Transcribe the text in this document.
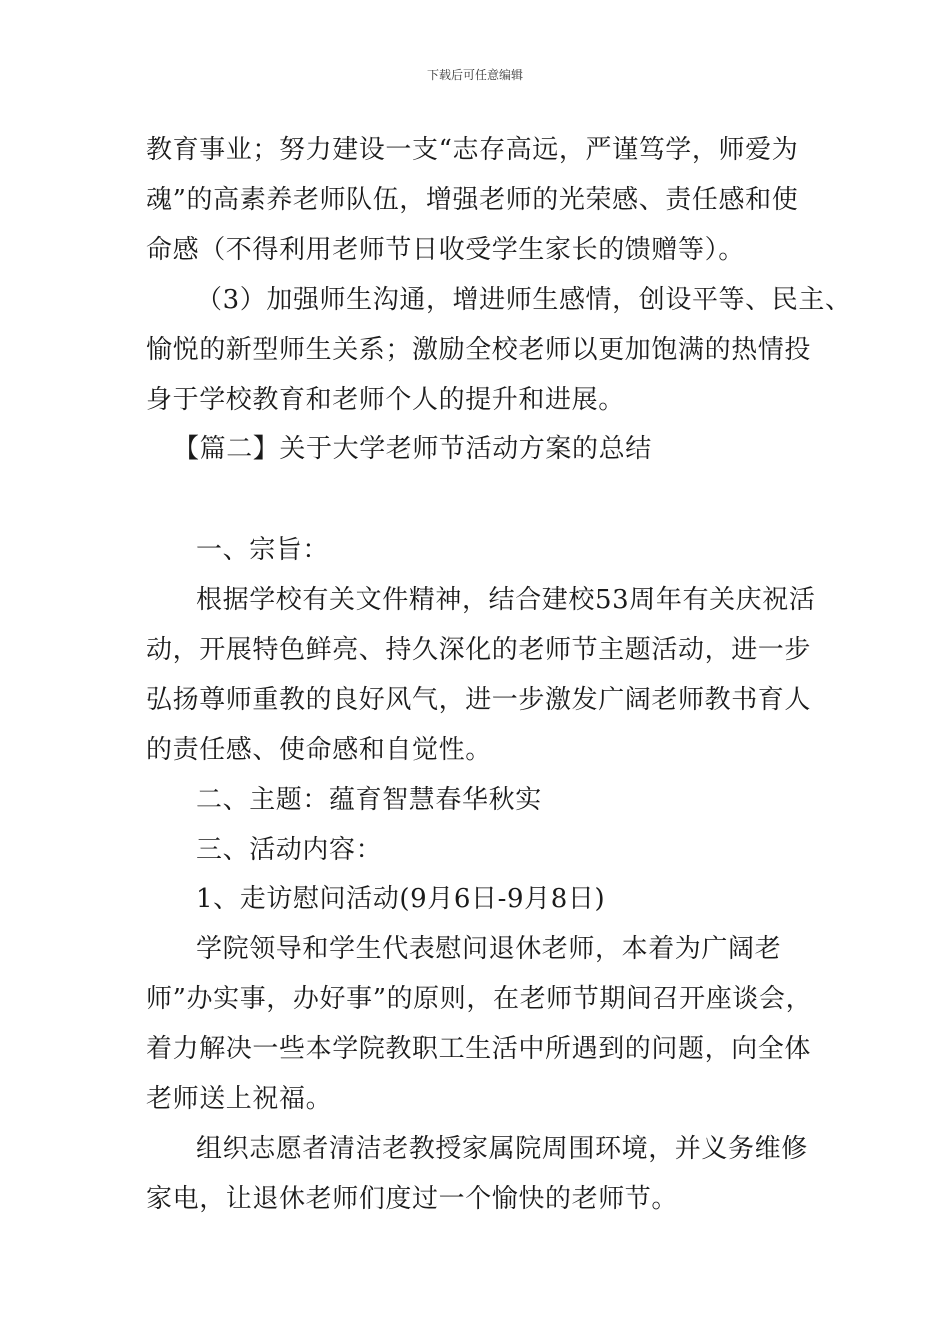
下载后可任意编辑
教育事业；努力建设一支“志存高远，严谨笃学，师爱为
魂”的高素养老师队伍，增强老师的光荣感、责任感和使
命感（不得利用老师节日收受学生家长的馈赠等）。
（3）加强师生沟通，增进师生感情，创设平等、民主、
愉悦的新型师生关系；激励全校老师以更加饱满的热情投
身于学校教育和老师个人的提升和进展。
【篇二】关于大学老师节活动方案的总结
一、宗旨：
根据学校有关文件精神，结合建校53周年有关庆祝活
动，开展特色鲜亮、持久深化的老师节主题活动，进一步
弘扬尊师重教的良好风气，进一步激发广阔老师教书育人
的责任感、使命感和自觉性。
二、主题：蕴育智慧春华秋实
三、活动内容：
1、走访慰问活动(9月6日-9月8日)
学院领导和学生代表慰问退休老师，本着为广阔老
师”办实事，办好事”的原则，在老师节期间召开座谈会，
着力解决一些本学院教职工生活中所遇到的问题，向全体
老师送上祝福。
组织志愿者清洁老教授家属院周围环境，并义务维修
家电，让退休老师们度过一个愉快的老师节。
